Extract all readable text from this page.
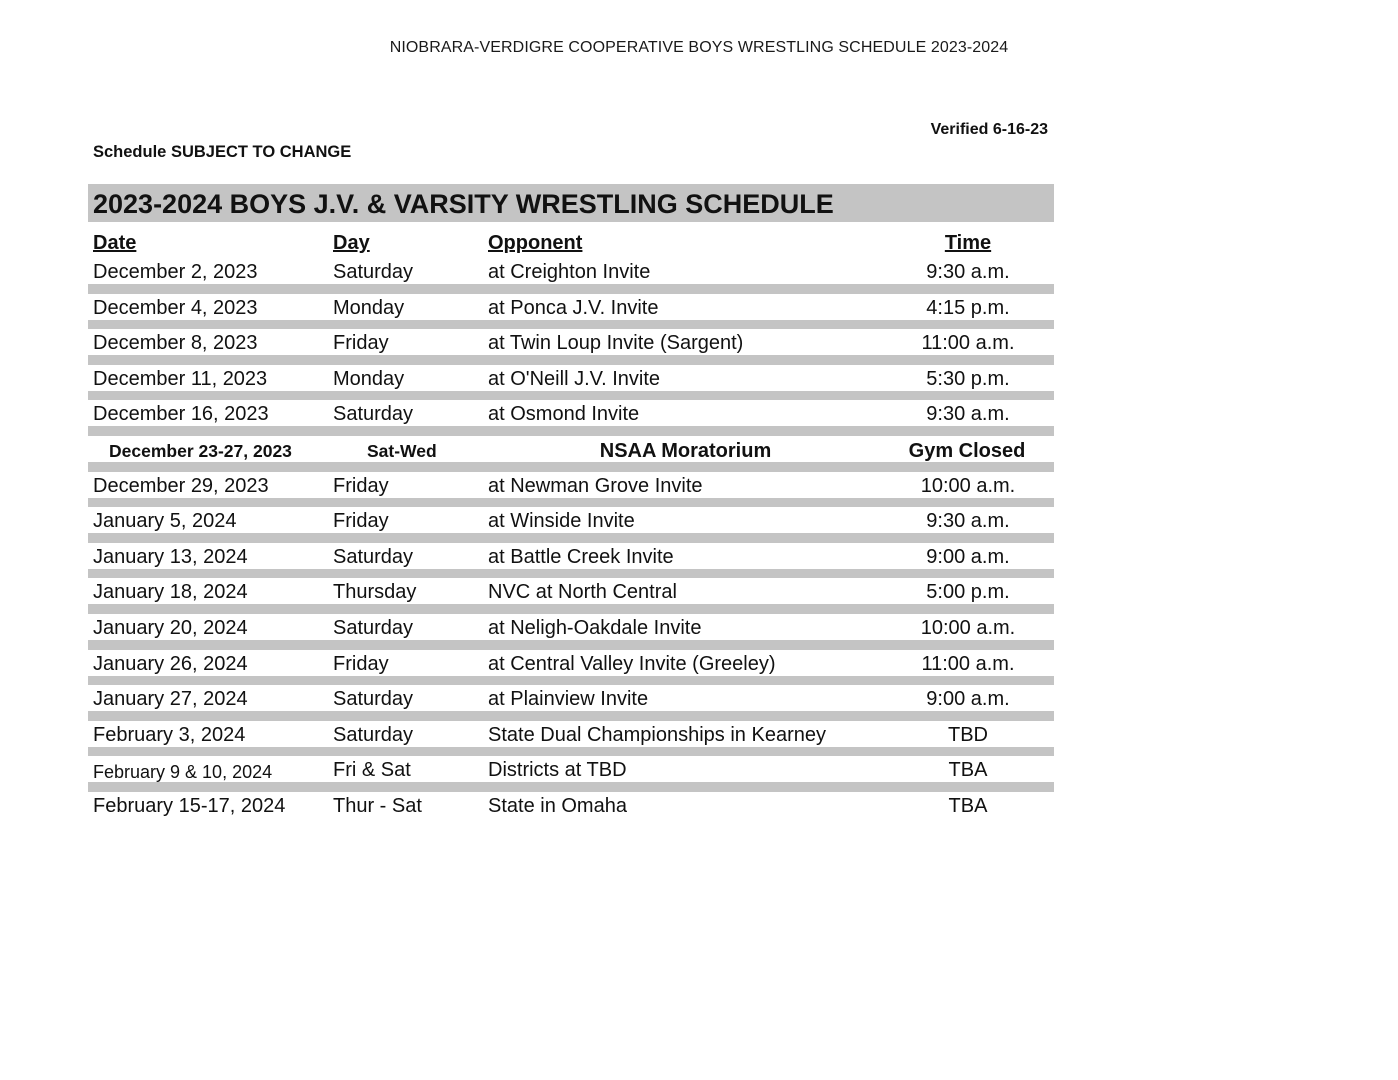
NIOBRARA-VERDIGRE COOPERATIVE BOYS WRESTLING SCHEDULE 2023-2024
Verified 6-16-23
Schedule SUBJECT TO CHANGE
2023-2024 BOYS J.V. & VARSITY WRESTLING SCHEDULE
Date	Day	Opponent	Time
December 2, 2023	Saturday	at Creighton Invite	9:30 a.m.
December 4, 2023	Monday	at Ponca J.V. Invite	4:15 p.m.
December 8, 2023	Friday	at Twin Loup Invite (Sargent)	11:00 a.m.
December 11, 2023	Monday	at O'Neill J.V. Invite	5:30 p.m.
December 16, 2023	Saturday	at Osmond Invite	9:30 a.m.
December 23-27, 2023	Sat-Wed	NSAA Moratorium	Gym Closed
December 29, 2023	Friday	at Newman Grove Invite	10:00 a.m.
January 5, 2024	Friday	at Winside Invite	9:30 a.m.
January 13, 2024	Saturday	at Battle Creek Invite	9:00 a.m.
January 18, 2024	Thursday	NVC at North Central	5:00 p.m.
January 20, 2024	Saturday	at Neligh-Oakdale Invite	10:00 a.m.
January 26, 2024	Friday	at Central Valley Invite (Greeley)	11:00 a.m.
January 27, 2024	Saturday	at Plainview Invite	9:00 a.m.
February 3, 2024	Saturday	State Dual Championships in Kearney	TBD
February 9 & 10, 2024	Fri & Sat	Districts at TBD	TBA
February 15-17, 2024 Thur - Sat	State in Omaha	TBA
